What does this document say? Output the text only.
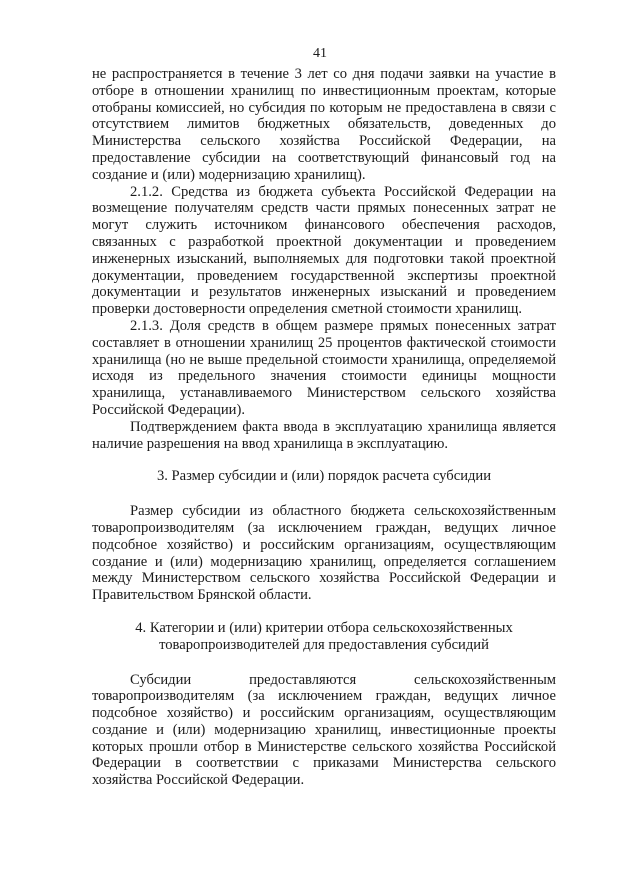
41

не распространяется в течение 3 лет со дня подачи заявки на участие в отборе в отношении хранилищ по инвестиционным проектам, которые отобраны комиссией, но субсидия по которым не предоставлена в связи с отсутствием лимитов бюджетных обязательств, доведенных до Министерства сельского хозяйства Российской Федерации, на предоставление субсидии на соответствующий финансовый год на создание и (или) модернизацию хранилищ).

2.1.2. Средства из бюджета субъекта Российской Федерации на возмещение получателям средств части прямых понесенных затрат не могут служить источником финансового обеспечения расходов, связанных с разработкой проектной документации и проведением инженерных изысканий, выполняемых для подготовки такой проектной документации, проведением государственной экспертизы проектной документации и результатов инженерных изысканий и проведением проверки достоверности определения сметной стоимости хранилищ.

2.1.3. Доля средств в общем размере прямых понесенных затрат составляет в отношении хранилищ 25 процентов фактической стоимости хранилища (но не выше предельной стоимости хранилища, определяемой исходя из предельного значения стоимости единицы мощности хранилища, устанавливаемого Министерством сельского хозяйства Российской Федерации).

Подтверждением факта ввода в эксплуатацию хранилища является наличие разрешения на ввод хранилища в эксплуатацию.

3. Размер субсидии и (или) порядок расчета субсидии

Размер субсидии из областного бюджета сельскохозяйственным товаропроизводителям (за исключением граждан, ведущих личное подсобное хозяйство) и российским организациям, осуществляющим создание и (или) модернизацию хранилищ, определяется соглашением между Министерством сельского хозяйства Российской Федерации и Правительством Брянской области.

4. Категории и (или) критерии отбора сельскохозяйственных

товаропроизводителей для предоставления субсидий

Субсидии предоставляются сельскохозяйственным товаропроизводителям (за исключением граждан, ведущих личное подсобное хозяйство) и российским организациям, осуществляющим создание и (или) модернизацию хранилищ, инвестиционные проекты которых прошли отбор в Министерстве сельского хозяйства Российской Федерации в соответствии с приказами Министерства сельского хозяйства Российской Федерации.
